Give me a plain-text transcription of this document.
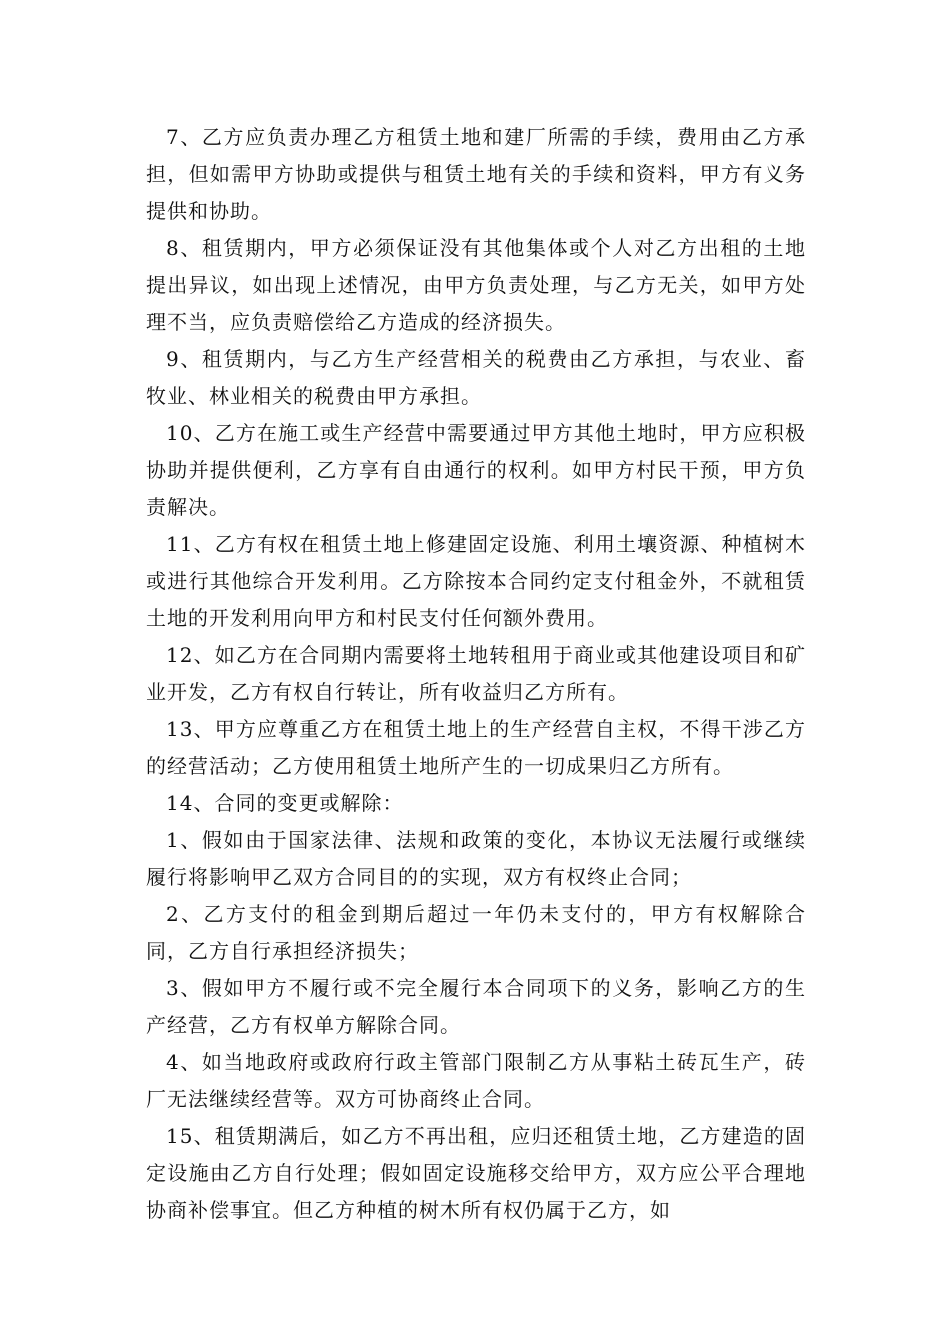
7、乙方应负责办理乙方租赁土地和建厂所需的手续，费用由乙方承担，但如需甲方协助或提供与租赁土地有关的手续和资料，甲方有义务提供和协助。

8、租赁期内，甲方必须保证没有其他集体或个人对乙方出租的土地提出异议，如出现上述情况，由甲方负责处理，与乙方无关，如甲方处理不当，应负责赔偿给乙方造成的经济损失。

9、租赁期内，与乙方生产经营相关的税费由乙方承担，与农业、畜牧业、林业相关的税费由甲方承担。

10、乙方在施工或生产经营中需要通过甲方其他土地时，甲方应积极协助并提供便利，乙方享有自由通行的权利。如甲方村民干预，甲方负责解决。

11、乙方有权在租赁土地上修建固定设施、利用土壤资源、种植树木或进行其他综合开发利用。乙方除按本合同约定支付租金外，不就租赁土地的开发利用向甲方和村民支付任何额外费用。

12、如乙方在合同期内需要将土地转租用于商业或其他建设项目和矿业开发，乙方有权自行转让，所有收益归乙方所有。

13、甲方应尊重乙方在租赁土地上的生产经营自主权，不得干涉乙方的经营活动；乙方使用租赁土地所产生的一切成果归乙方所有。

14、合同的变更或解除：

1、假如由于国家法律、法规和政策的变化，本协议无法履行或继续履行将影响甲乙双方合同目的的实现，双方有权终止合同；

2、乙方支付的租金到期后超过一年仍未支付的，甲方有权解除合同，乙方自行承担经济损失；

3、假如甲方不履行或不完全履行本合同项下的义务，影响乙方的生产经营，乙方有权单方解除合同。

4、如当地政府或政府行政主管部门限制乙方从事粘土砖瓦生产，砖厂无法继续经营等。双方可协商终止合同。

15、租赁期满后，如乙方不再出租，应归还租赁土地，乙方建造的固定设施由乙方自行处理；假如固定设施移交给甲方，双方应公平合理地协商补偿事宜。但乙方种植的树木所有权仍属于乙方，如
